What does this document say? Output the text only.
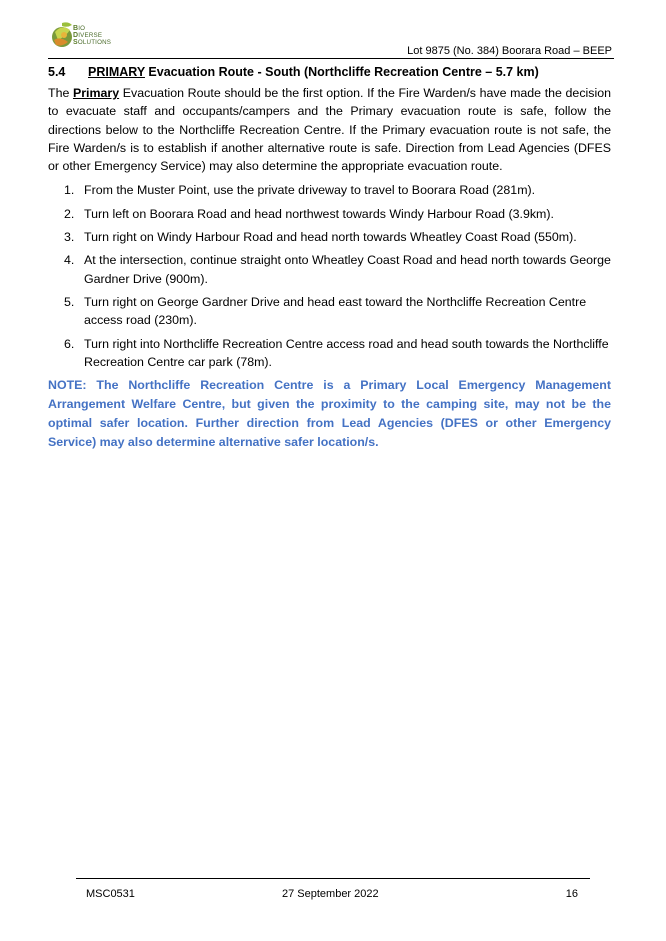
BIO
DIVERSE
SOLUTIONS
Lot 9875 (No. 384) Boorara Road – BEEP
5.4 PRIMARY Evacuation Route - South (Northcliffe Recreation Centre – 5.7 km)

The Primary Evacuation Route should be the first option. If the Fire Warden/s have made the decision to evacuate staff and occupants/campers and the Primary evacuation route is safe, follow the directions below to the Northcliffe Recreation Centre. If the Primary evacuation route is not safe, the Fire Warden/s is to establish if another alternative route is safe. Direction from Lead Agencies (DFES or other Emergency Service) may also determine the appropriate evacuation route.

1. From the Muster Point, use the private driveway to travel to Boorara Road (281m).
2. Turn left on Boorara Road and head northwest towards Windy Harbour Road (3.9km).
3. Turn right on Windy Harbour Road and head north towards Wheatley Coast Road (550m).
4. At the intersection, continue straight onto Wheatley Coast Road and head north towards George Gardner Drive (900m).
5. Turn right on George Gardner Drive and head east toward the Northcliffe Recreation Centre access road (230m).
6. Turn right into Northcliffe Recreation Centre access road and head south towards the Northcliffe Recreation Centre car park (78m).

NOTE: The Northcliffe Recreation Centre is a Primary Local Emergency Management Arrangement Welfare Centre, but given the proximity to the camping site, may not be the optimal safer location. Further direction from Lead Agencies (DFES or other Emergency Service) may also determine alternative safer location/s.

MSC0531	27 September 2022	16
